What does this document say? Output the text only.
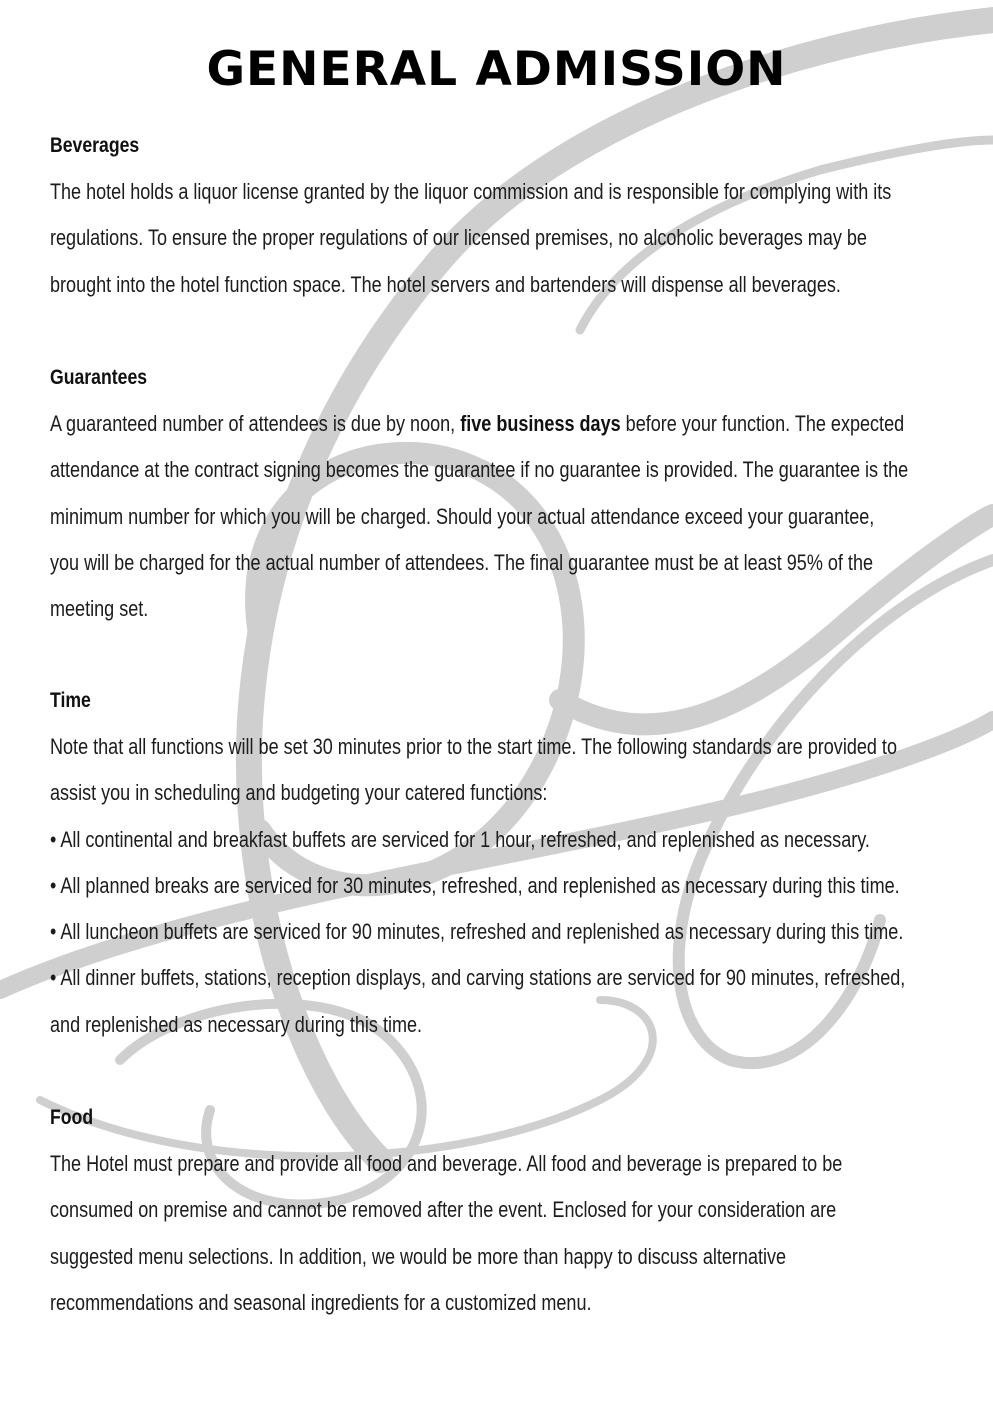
GENERAL ADMISSION
Beverages
The hotel holds a liquor license granted by the liquor commission and is responsible for complying with its
regulations. To ensure the proper regulations of our licensed premises, no alcoholic beverages may be
brought into the hotel function space. The hotel servers and bartenders will dispense all beverages.
Guarantees
A guaranteed number of attendees is due by noon, five business days before your function. The expected
attendance at the contract signing becomes the guarantee if no guarantee is provided. The guarantee is the
minimum number for which you will be charged. Should your actual attendance exceed your guarantee,
you will be charged for the actual number of attendees. The final guarantee must be at least 95% of the
meeting set.
Time
Note that all functions will be set 30 minutes prior to the start time. The following standards are provided to
assist you in scheduling and budgeting your catered functions:
• All continental and breakfast buffets are serviced for 1 hour, refreshed, and replenished as necessary.
• All planned breaks are serviced for 30 minutes, refreshed, and replenished as necessary during this time.
• All luncheon buffets are serviced for 90 minutes, refreshed and replenished as necessary during this time.
• All dinner buffets, stations, reception displays, and carving stations are serviced for 90 minutes, refreshed,
and replenished as necessary during this time.
Food
The Hotel must prepare and provide all food and beverage. All food and beverage is prepared to be
consumed on premise and cannot be removed after the event. Enclosed for your consideration are
suggested menu selections. In addition, we would be more than happy to discuss alternative
recommendations and seasonal ingredients for a customized menu.
